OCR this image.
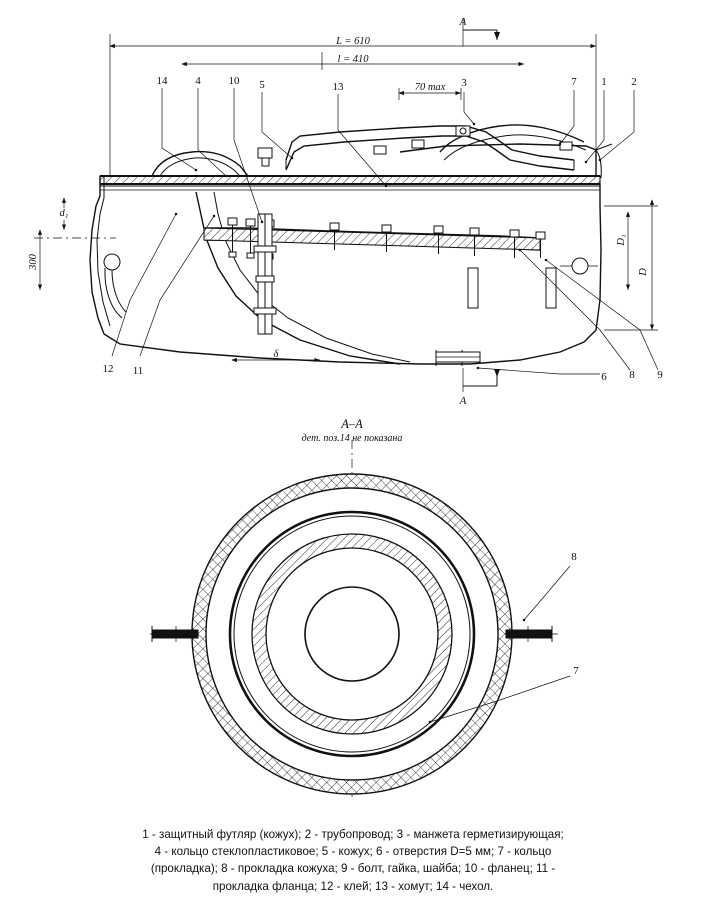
L = 610
l = 410
70 max
A
300
d₁
D₁
D
δ
A
14	4	10 5	13	3	7 1 2
12 11	6 8 9
A–A
дет. поз.14 не показана
8
7
1 - защитный футляр (кожух); 2 - трубопровод; 3 - манжета герметизирующая;
4 - кольцо стеклопластиковое; 5 - кожух; 6 - отверстия D=5 мм; 7 - кольцо
(прокладка); 8 - прокладка кожуха; 9 - болт, гайка, шайба; 10 - фланец; 11 -
прокладка фланца; 12 - клей; 13 - хомут; 14 - чехол.
